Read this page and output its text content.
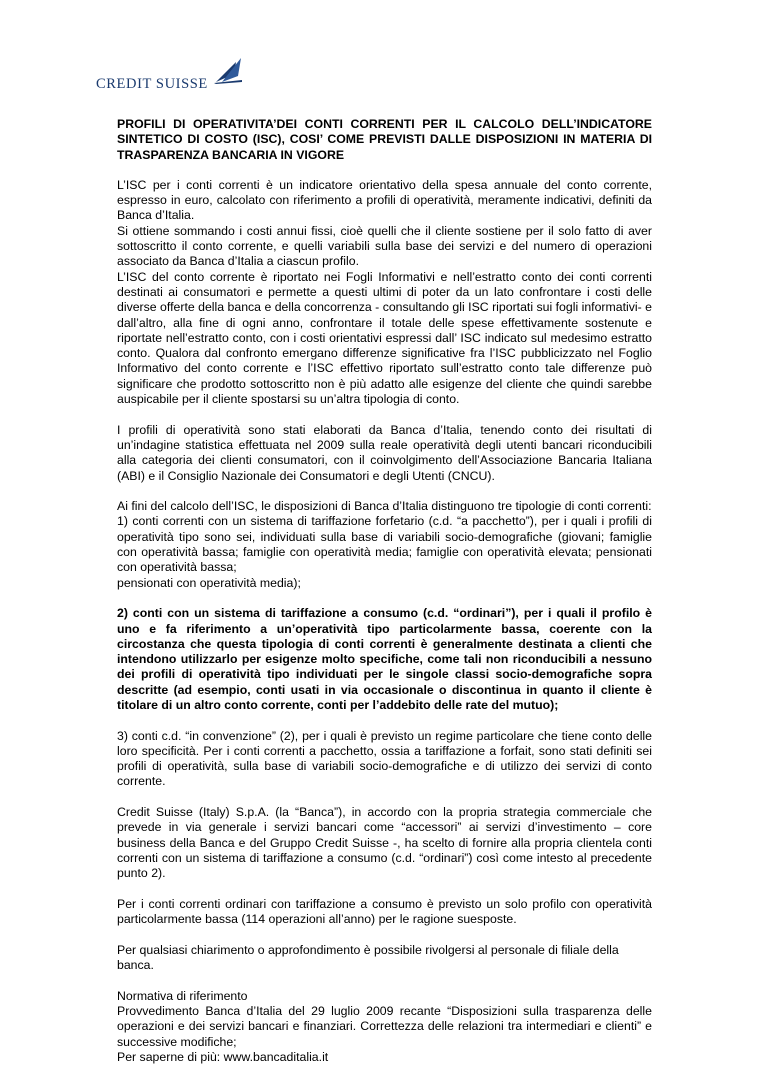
CREDIT SUISSE
PROFILI DI OPERATIVITA’DEI CONTI CORRENTI PER IL CALCOLO DELL’INDICATORE SINTETICO DI COSTO (ISC), COSI’ COME PREVISTI DALLE DISPOSIZIONI IN MATERIA DI TRASPARENZA BANCARIA IN VIGORE

L’ISC per i conti correnti è un indicatore orientativo della spesa annuale del conto corrente, espresso in euro, calcolato con riferimento a profili di operatività, meramente indicativi, definiti da Banca d’Italia.
Si ottiene sommando i costi annui fissi, cioè quelli che il cliente sostiene per il solo fatto di aver sottoscritto il conto corrente, e quelli variabili sulla base dei servizi e del numero di operazioni associato da Banca d’Italia a ciascun profilo.
L’ISC del conto corrente è riportato nei Fogli Informativi e nell’estratto conto dei conti correnti destinati ai consumatori e permette a questi ultimi di poter da un lato confrontare i costi delle diverse offerte della banca e della concorrenza - consultando gli ISC riportati sui fogli informativi- e dall’altro, alla fine di ogni anno, confrontare il totale delle spese effettivamente sostenute e riportate nell’estratto conto, con i costi orientativi espressi dall’ ISC indicato sul medesimo estratto conto. Qualora dal confronto emergano differenze significative fra l’ISC pubblicizzato nel Foglio Informativo del conto corrente e l’ISC effettivo riportato sull’estratto conto tale differenze può significare che prodotto sottoscritto non è più adatto alle esigenze del cliente che quindi sarebbe auspicabile per il cliente spostarsi su un’altra tipologia di conto.

I profili di operatività sono stati elaborati da Banca d’Italia, tenendo conto dei risultati di un’indagine statistica effettuata nel 2009 sulla reale operatività degli utenti bancari riconducibili alla categoria dei clienti consumatori, con il coinvolgimento dell’Associazione Bancaria Italiana (ABI) e il Consiglio Nazionale dei Consumatori e degli Utenti (CNCU).

Ai fini del calcolo dell’ISC, le disposizioni di Banca d’Italia distinguono tre tipologie di conti correnti:
1) conti correnti con un sistema di tariffazione forfetario (c.d. “a pacchetto”), per i quali i profili di operatività tipo sono sei, individuati sulla base di variabili socio-demografiche (giovani; famiglie con operatività bassa; famiglie con operatività media; famiglie con operatività elevata; pensionati con operatività bassa;
pensionati con operatività media);

2) conti con un sistema di tariffazione a consumo (c.d. “ordinari”), per i quali il profilo è uno e fa riferimento a un’operatività tipo particolarmente bassa, coerente con la circostanza che questa tipologia di conti correnti è generalmente destinata a clienti che intendono utilizzarlo per esigenze molto specifiche, come tali non riconducibili a nessuno dei profili di operatività tipo individuati per le singole classi socio-demografiche sopra descritte (ad esempio, conti usati in via occasionale o discontinua in quanto il cliente è titolare di un altro conto corrente, conti per l’addebito delle rate del mutuo);

3) conti c.d. “in convenzione” (2), per i quali è previsto un regime particolare che tiene conto delle loro specificità. Per i conti correnti a pacchetto, ossia a tariffazione a forfait, sono stati definiti sei profili di operatività, sulla base di variabili socio-demografiche e di utilizzo dei servizi di conto corrente.

Credit Suisse (Italy) S.p.A. (la “Banca”), in accordo con la propria strategia commerciale che prevede in via generale i servizi bancari come “accessori” ai servizi d’investimento – core business della Banca e del Gruppo Credit Suisse -, ha scelto di fornire alla propria clientela conti correnti con un sistema di tariffazione a consumo (c.d. “ordinari”) così come intesto al precedente punto 2).

Per i conti correnti ordinari con tariffazione a consumo è previsto un solo profilo con operatività particolarmente bassa (114 operazioni all’anno) per le ragione suesposte.

Per qualsiasi chiarimento o approfondimento è possibile rivolgersi al personale di filiale della
banca.

Normativa di riferimento
Provvedimento Banca d’Italia del 29 luglio 2009 recante “Disposizioni sulla trasparenza delle operazioni e dei servizi bancari e finanziari. Correttezza delle relazioni tra intermediari e clienti” e successive modifiche;
Per saperne di più: www.bancaditalia.it
